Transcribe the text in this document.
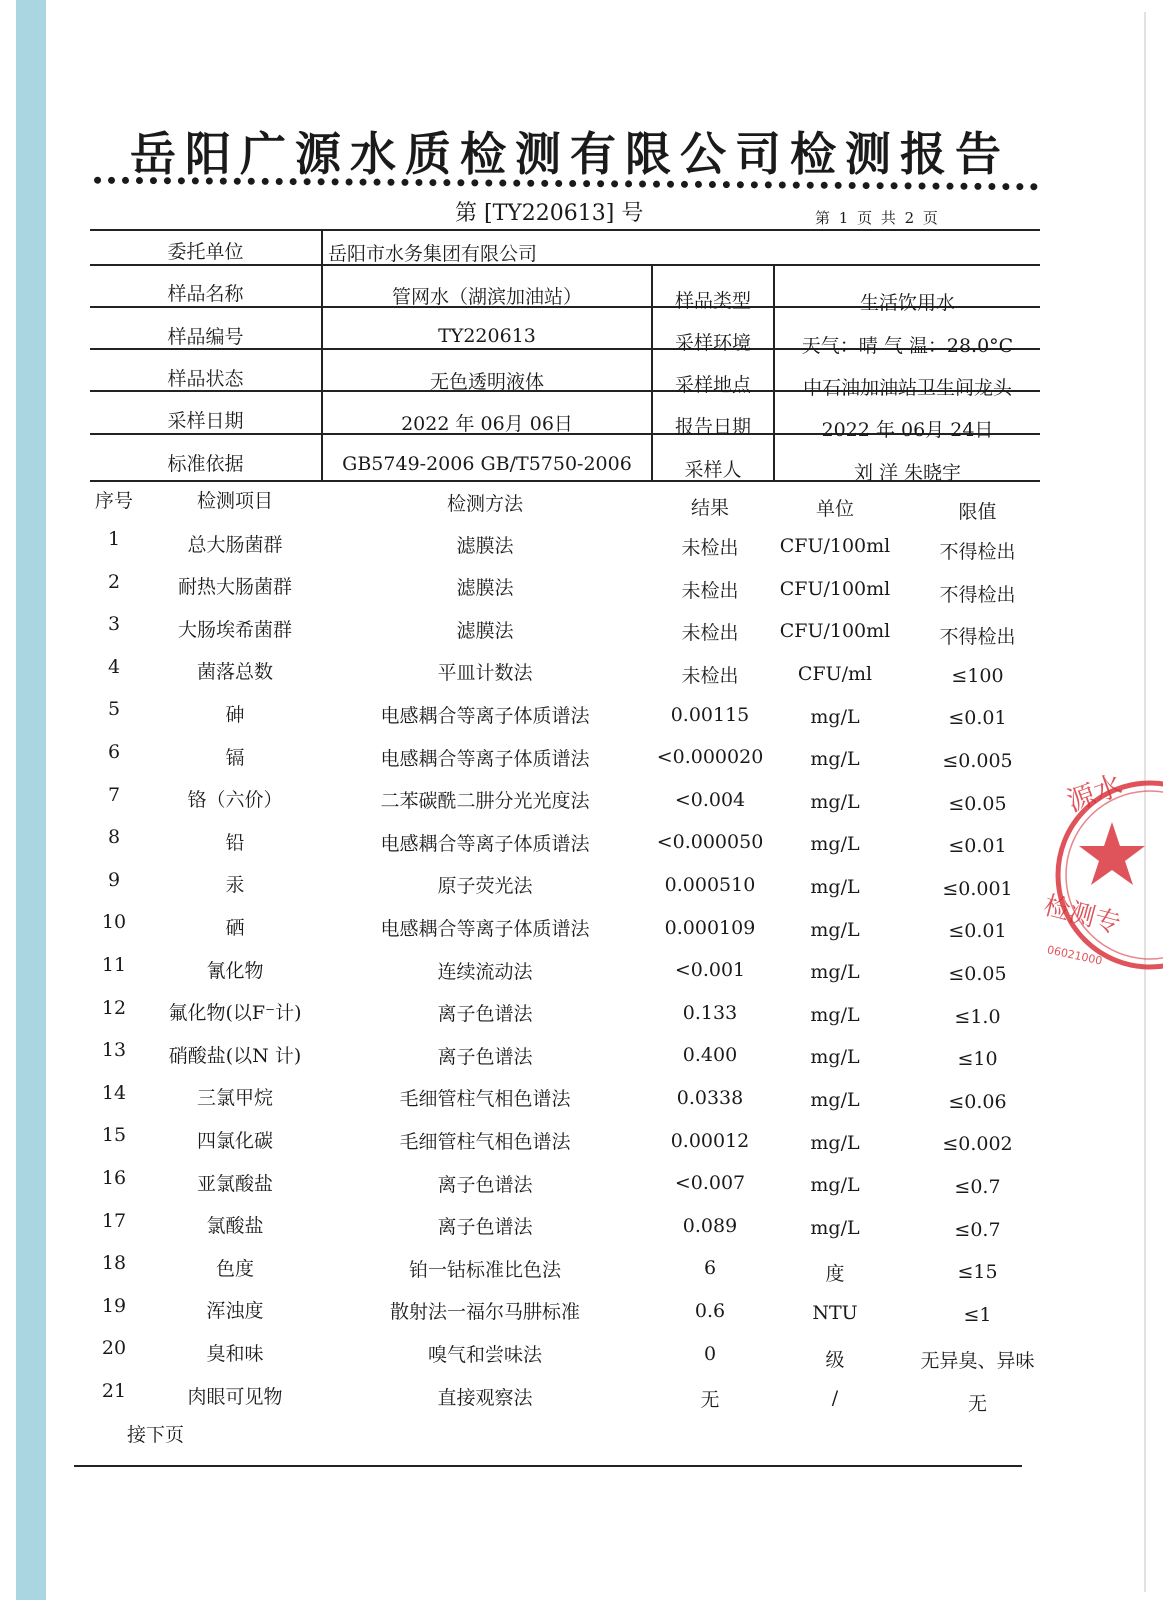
岳阳广源水质检测有限公司检测报告
第 [TY220613] 号	第 1 页 共 2 页
委托单位	岳阳市水务集团有限公司
样品名称	管网水（湖滨加油站）	样品类型	生活饮用水
样品编号	TY220613	采样环境	天气：晴 气 温：28.0°C
样品状态	无色透明液体	采样地点	中石油加油站卫生间龙头
采样日期	2022 年 06月 06日	报告日期	2022 年 06月 24日
标准依据	GB5749-2006 GB/T5750-2006	采样人	刘 洋 朱晓宇
序号	检测项目	检测方法	结果	单位	限值
1	总大肠菌群	滤膜法	未检出	CFU/100ml	不得检出
2	耐热大肠菌群	滤膜法	未检出	CFU/100ml	不得检出
3	大肠埃希菌群	滤膜法	未检出	CFU/100ml	不得检出
4	菌落总数	平皿计数法	未检出	CFU/ml	≤100
5	砷	电感耦合等离子体质谱法	0.00115	mg/L	≤0.01
6	镉	电感耦合等离子体质谱法	<0.000020	mg/L	≤0.005
7	铬（六价）	二苯碳酰二肼分光光度法	<0.004	mg/L	≤0.05
8	铅	电感耦合等离子体质谱法	<0.000050	mg/L	≤0.01
9	汞	原子荧光法	0.000510	mg/L	≤0.001
10	硒	电感耦合等离子体质谱法	0.000109	mg/L	≤0.01
11	氰化物	连续流动法	<0.001	mg/L	≤0.05
12	氟化物(以F⁻计)	离子色谱法	0.133	mg/L	≤1.0
13	硝酸盐(以N 计)	离子色谱法	0.400	mg/L	≤10
14	三氯甲烷	毛细管柱气相色谱法	0.0338	mg/L	≤0.06
15	四氯化碳	毛细管柱气相色谱法	0.00012	mg/L	≤0.002
16	亚氯酸盐	离子色谱法	<0.007	mg/L	≤0.7
17	氯酸盐	离子色谱法	0.089	mg/L	≤0.7
18	色度	铂一钴标准比色法	6	度	≤15
19	浑浊度	散射法一福尔马肼标准	0.6	NTU	≤1
20	臭和味	嗅气和尝味法	0	级	无异臭、异味
21	肉眼可见物	直接观察法	无	/	无
接下页
源水
检测专
06021000
